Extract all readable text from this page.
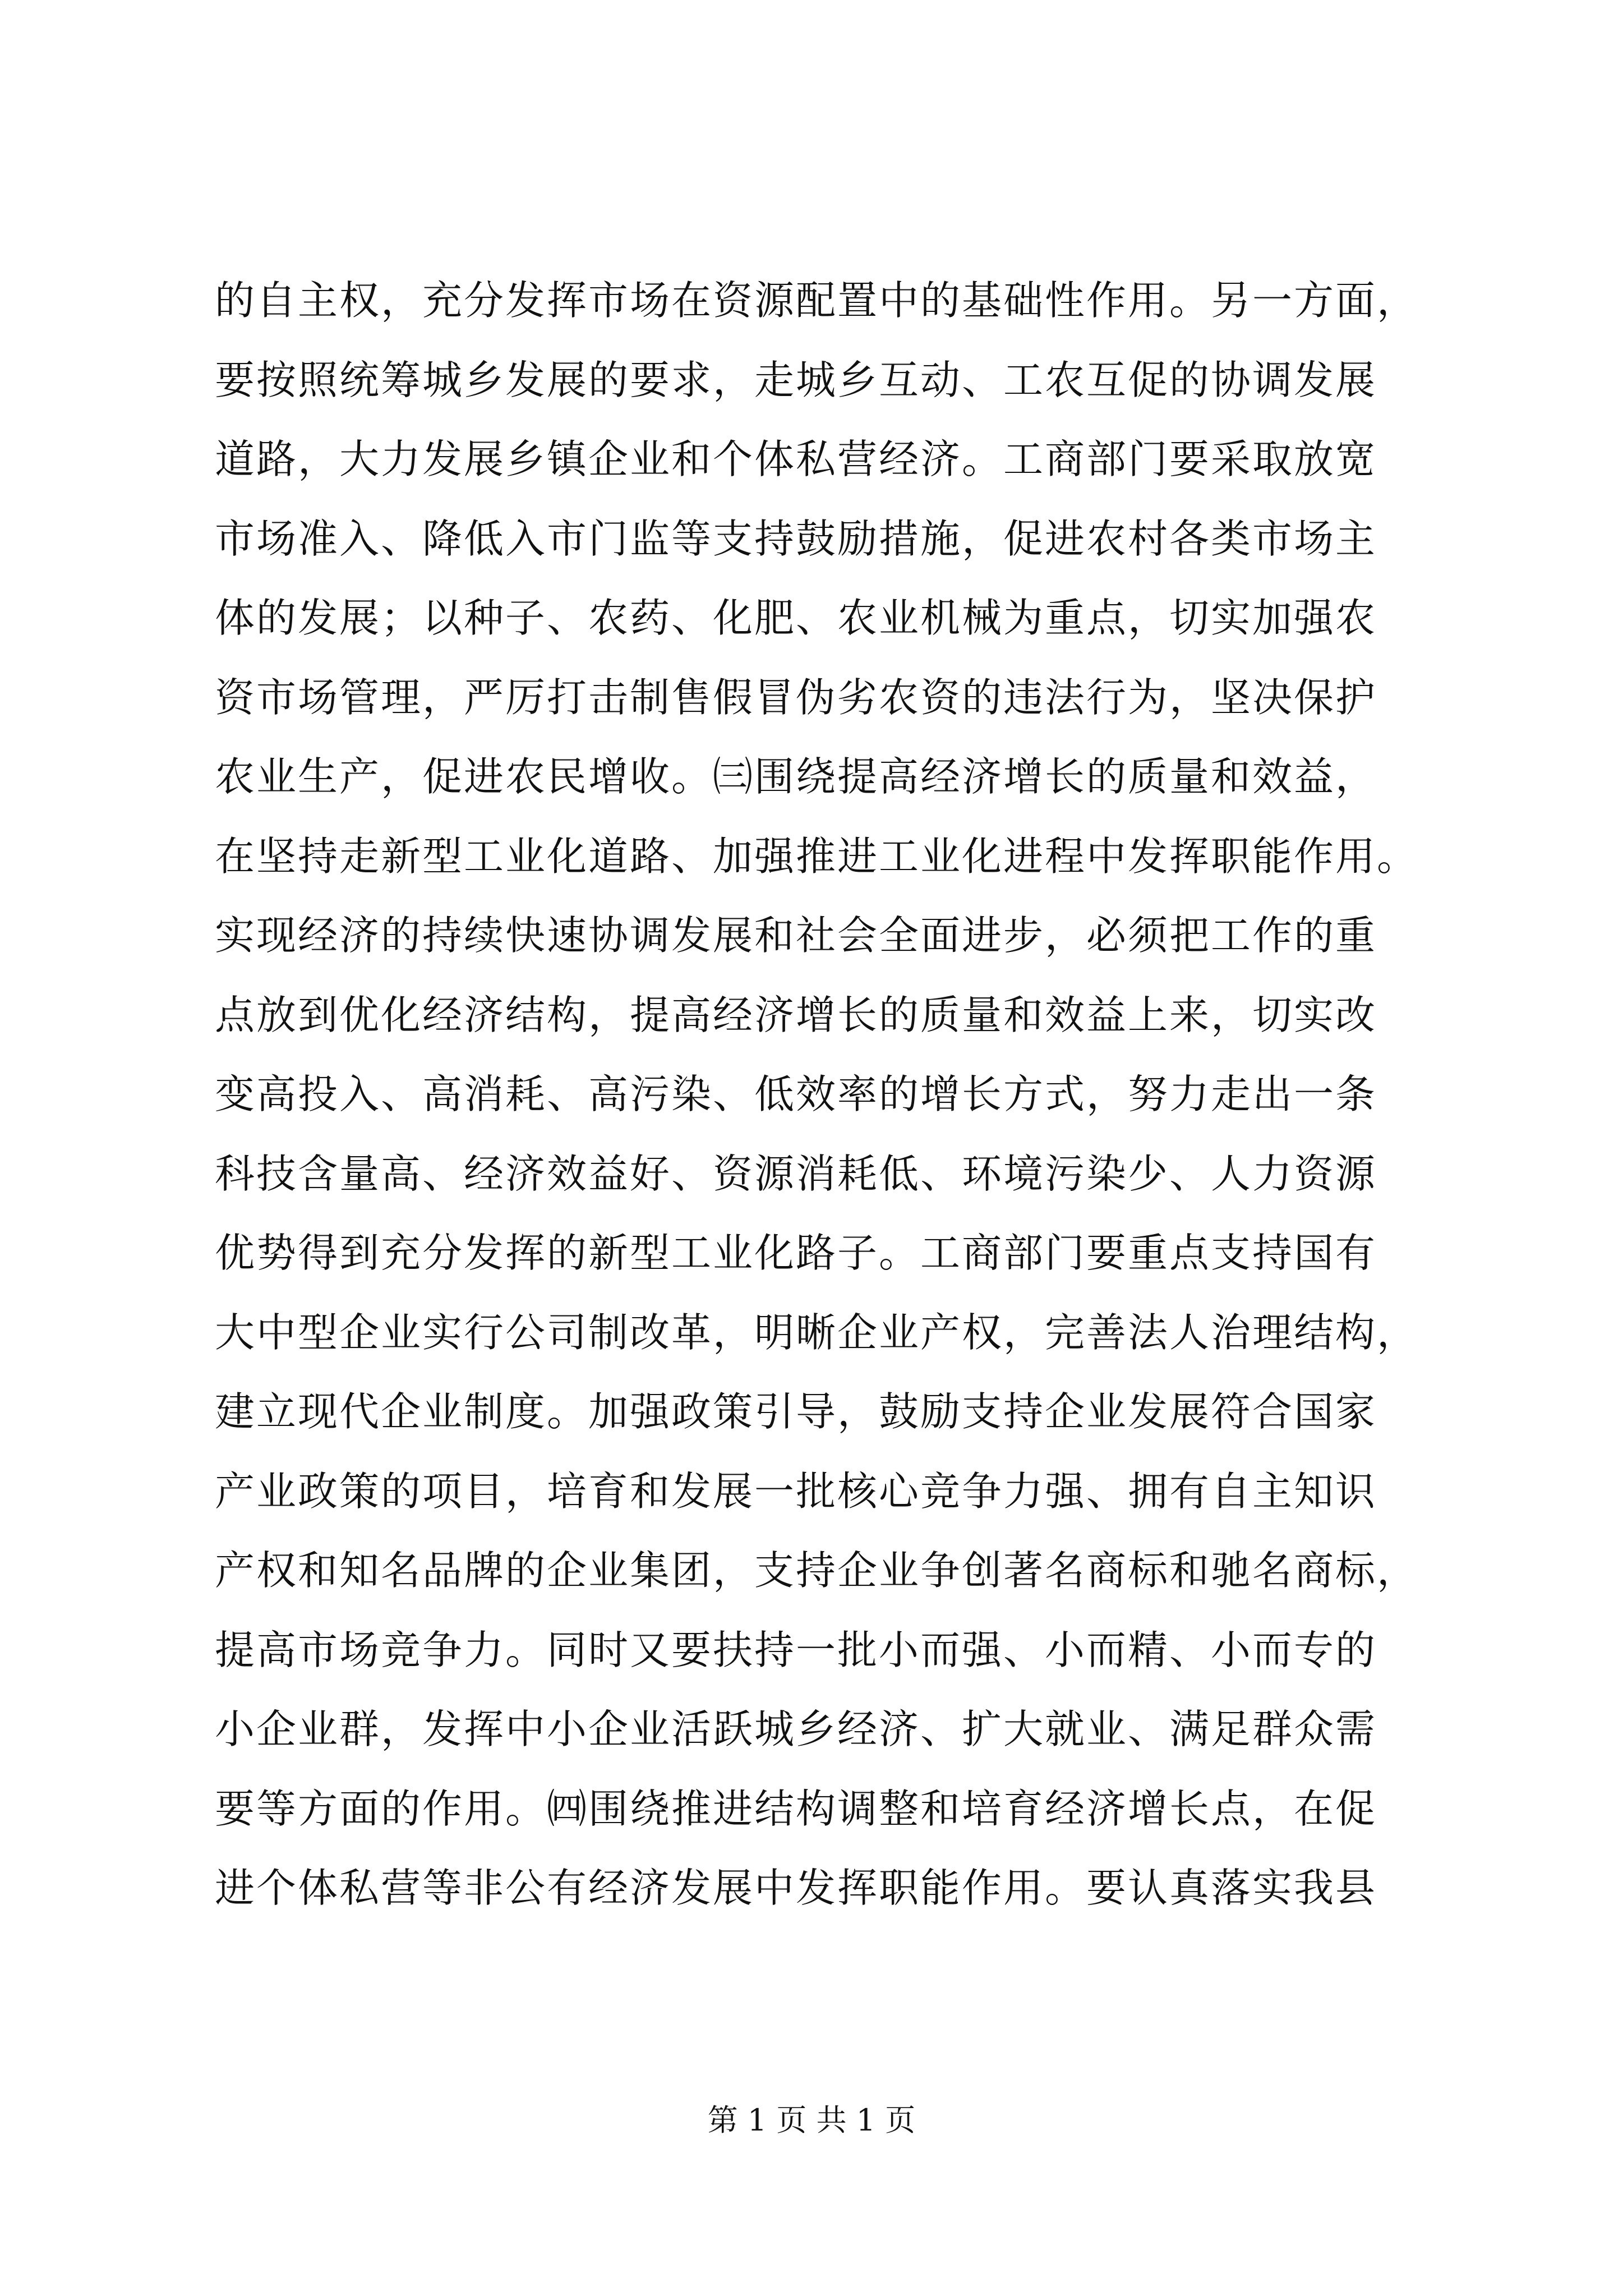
的自主权，充分发挥市场在资源配置中的基础性作用。另一方面，
要按照统筹城乡发展的要求，走城乡互动、工农互促的协调发展
道路，大力发展乡镇企业和个体私营经济。工商部门要采取放宽
市场准入、降低入市门监等支持鼓励措施，促进农村各类市场主
体的发展；以种子、农药、化肥、农业机械为重点，切实加强农
资市场管理，严厉打击制售假冒伪劣农资的违法行为，坚决保护
农业生产，促进农民增收。㈢围绕提高经济增长的质量和效益，
在坚持走新型工业化道路、加强推进工业化进程中发挥职能作用。
实现经济的持续快速协调发展和社会全面进步，必须把工作的重
点放到优化经济结构，提高经济增长的质量和效益上来，切实改
变高投入、高消耗、高污染、低效率的增长方式，努力走出一条
科技含量高、经济效益好、资源消耗低、环境污染少、人力资源
优势得到充分发挥的新型工业化路子。工商部门要重点支持国有
大中型企业实行公司制改革，明晰企业产权，完善法人治理结构，
建立现代企业制度。加强政策引导，鼓励支持企业发展符合国家
产业政策的项目，培育和发展一批核心竞争力强、拥有自主知识
产权和知名品牌的企业集团，支持企业争创著名商标和驰名商标，
提高市场竞争力。同时又要扶持一批小而强、小而精、小而专的
小企业群，发挥中小企业活跃城乡经济、扩大就业、满足群众需
要等方面的作用。㈣围绕推进结构调整和培育经济增长点，在促
进个体私营等非公有经济发展中发挥职能作用。要认真落实我县
第 1 页 共 1 页
